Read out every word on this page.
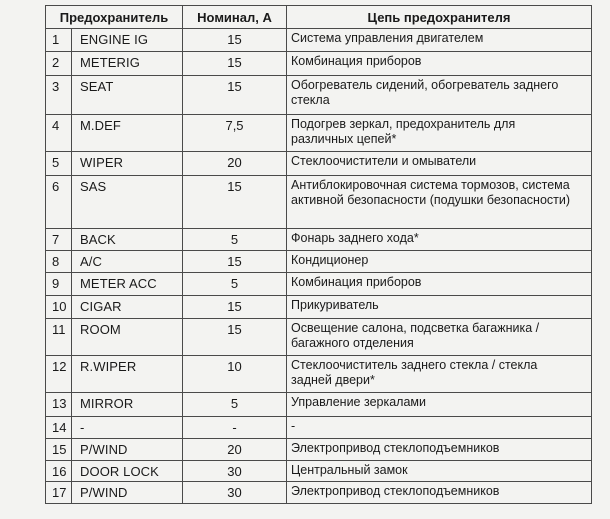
Предохранитель		Номинал, А	Цепь предохранителя
1	ENGINE IG	15	Система управления двигателем
2	METERIG	15	Комбинация приборов
3	SEAT	15	Обогреватель сидений, обогреватель заднего стекла
4	M.DEF	7,5	Подогрев зеркал, предохранитель для различных цепей*
5	WIPER	20	Стеклоочистители и омыватели
6	SAS	15	Антиблокировочная система тормозов, система активной безопасности (подушки безопасности)
7	BACK	5	Фонарь заднего хода*
8	A/C	15	Кондиционер
9	METER ACC	5	Комбинация приборов
10	CIGAR	15	Прикуриватель
11	ROOM	15	Освещение салона, подсветка багажника / багажного отделения
12	R.WIPER	10	Стеклоочиститель заднего стекла / стекла задней двери*
13	MIRROR	5	Управление зеркалами
14	-	-	-
15	P/WIND	20	Электропривод стеклоподъемников
16	DOOR LOCK	30	Центральный замок
17	P/WIND	30	Электропривод стеклоподъемников
